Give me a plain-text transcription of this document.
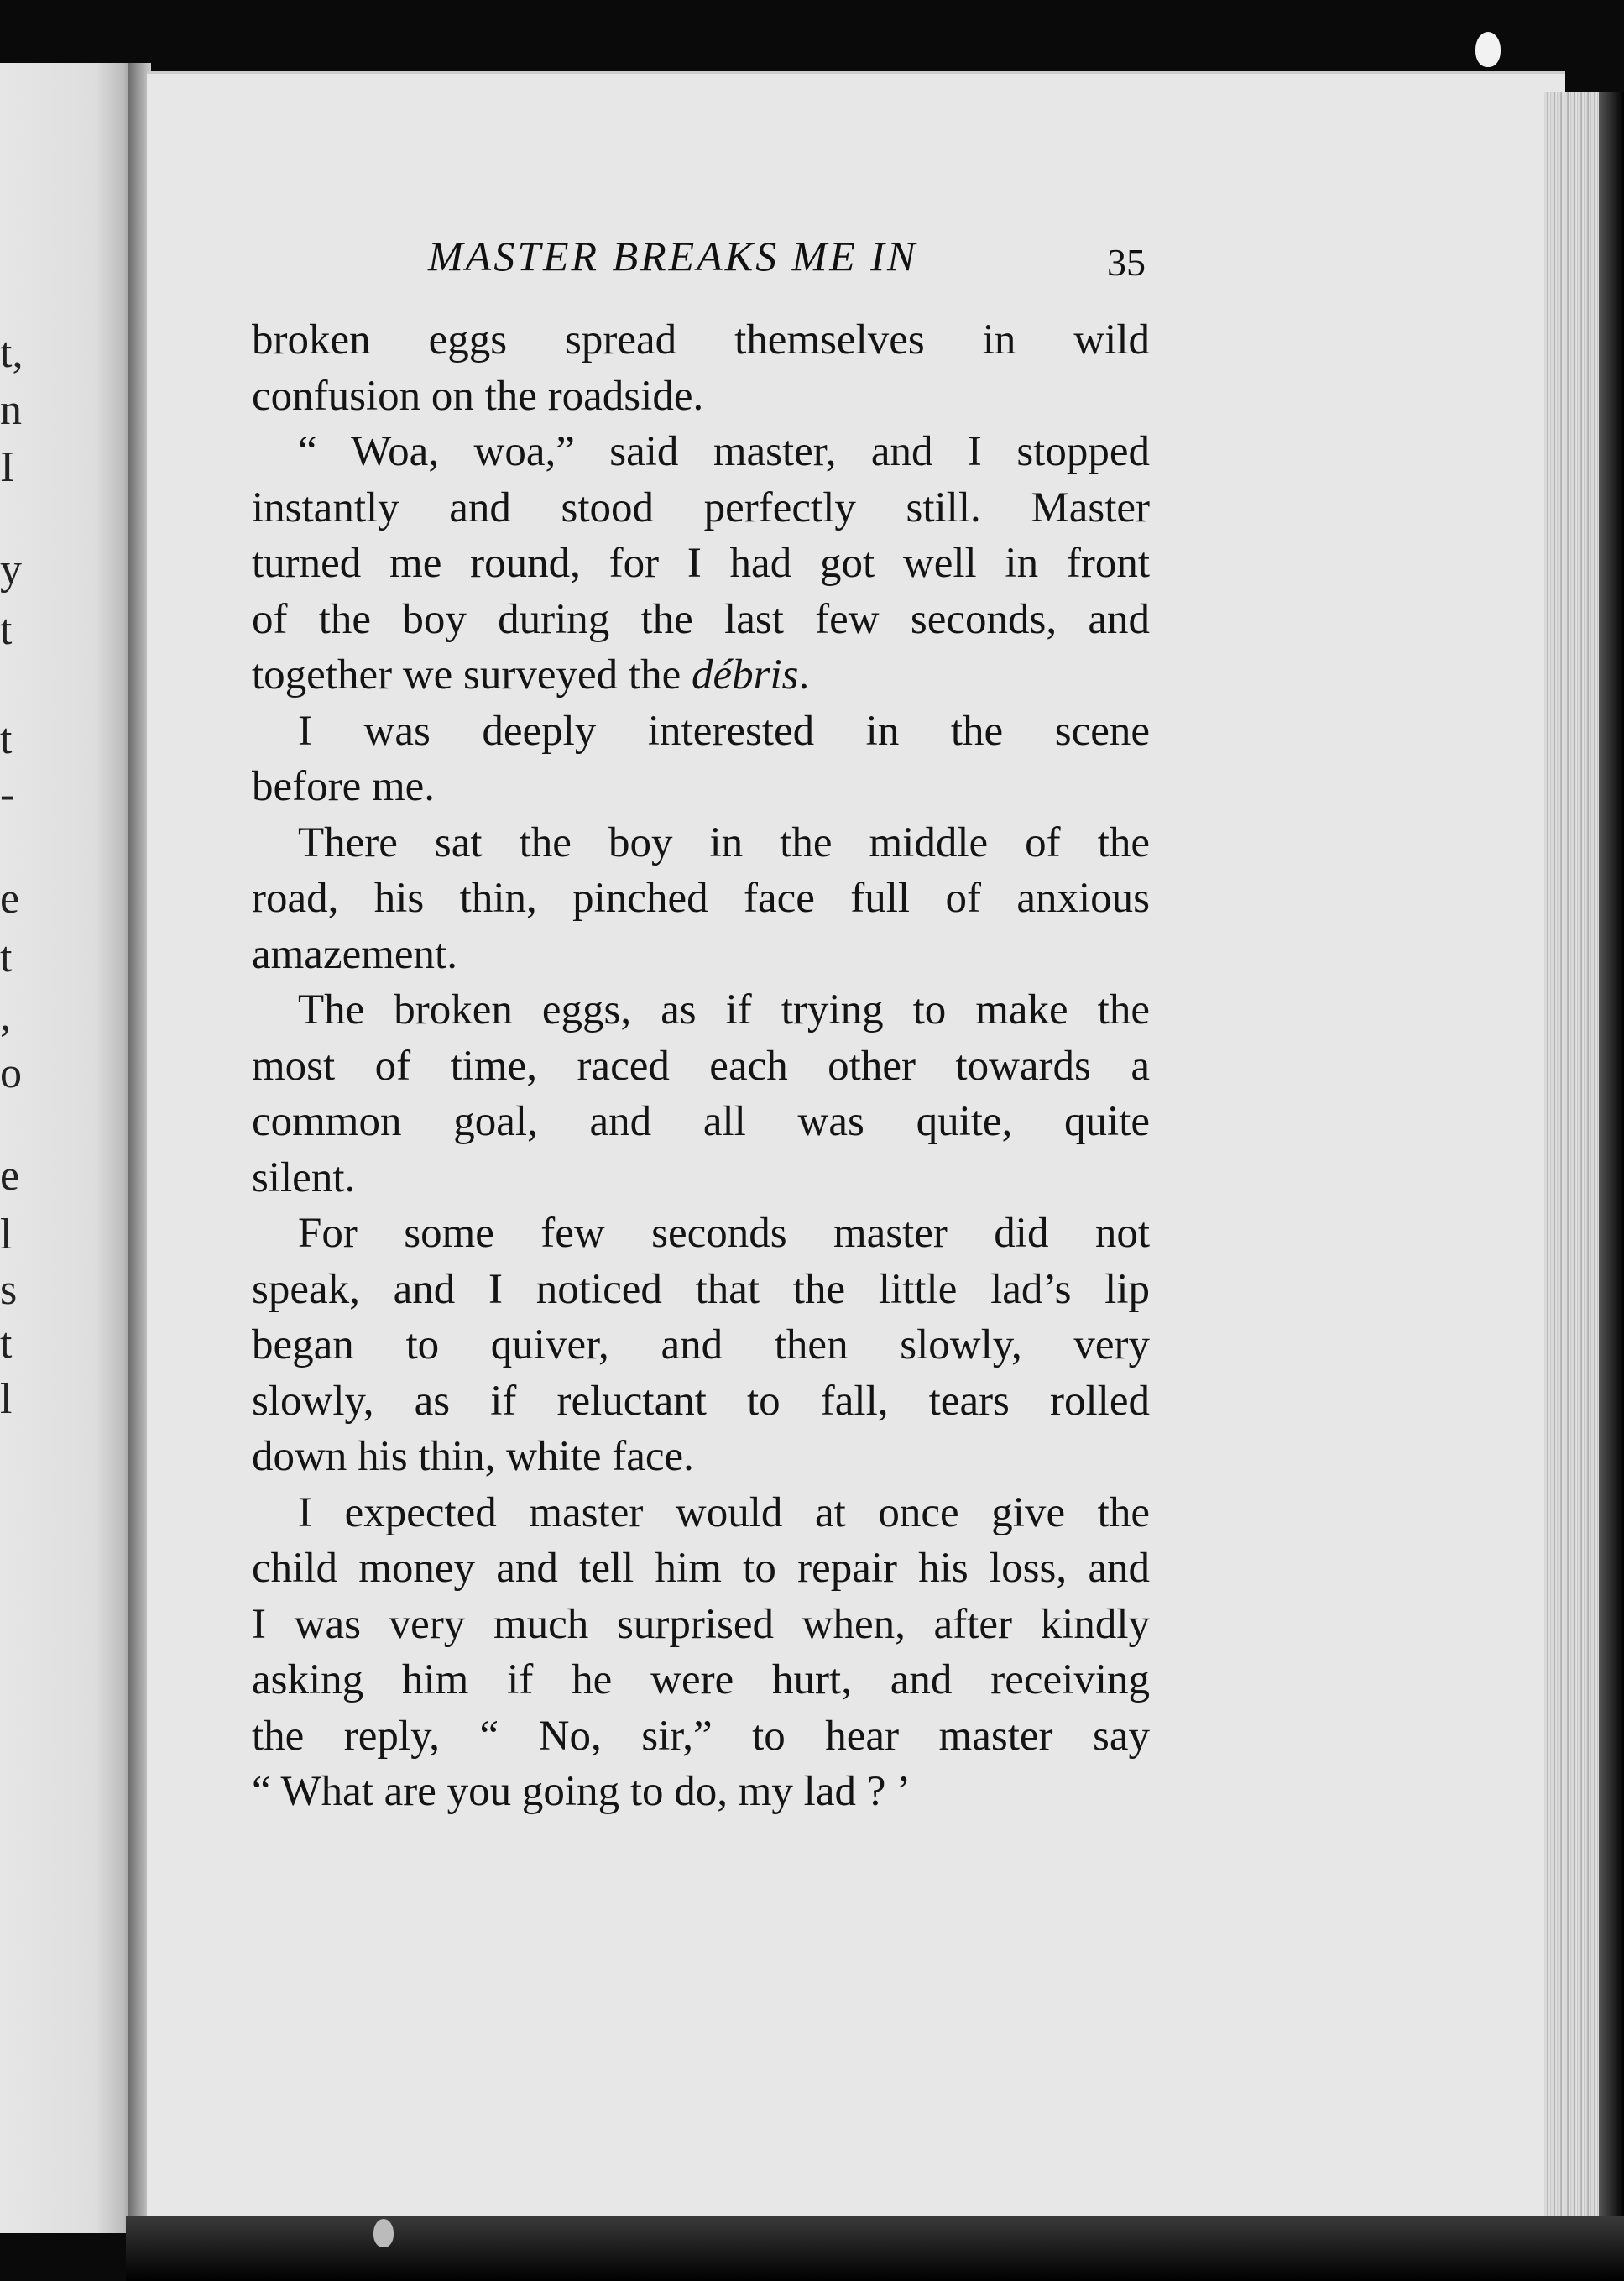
t,
n
I
y
t
t
-
e
t
,
o
e
l
s
t
l
MASTER BREAKS ME IN	35
broken eggs spread themselves in wild
confusion on the roadside.
“ Woa, woa,” said master, and I stopped
instantly and stood perfectly still. Master
turned me round, for I had got well in front
of the boy during the last few seconds, and
together we surveyed the débris.
I was deeply interested in the scene
before me.
There sat the boy in the middle of the
road, his thin, pinched face full of anxious
amazement.
The broken eggs, as if trying to make the
most of time, raced each other towards a
common goal, and all was quite, quite
silent.
For some few seconds master did not
speak, and I noticed that the little lad’s lip
began to quiver, and then slowly, very
slowly, as if reluctant to fall, tears rolled
down his thin, white face.
I expected master would at once give the
child money and tell him to repair his loss, and
I was very much surprised when, after kindly
asking him if he were hurt, and receiving
the reply, “ No, sir,” to hear master say
“ What are you going to do, my lad ? ’
